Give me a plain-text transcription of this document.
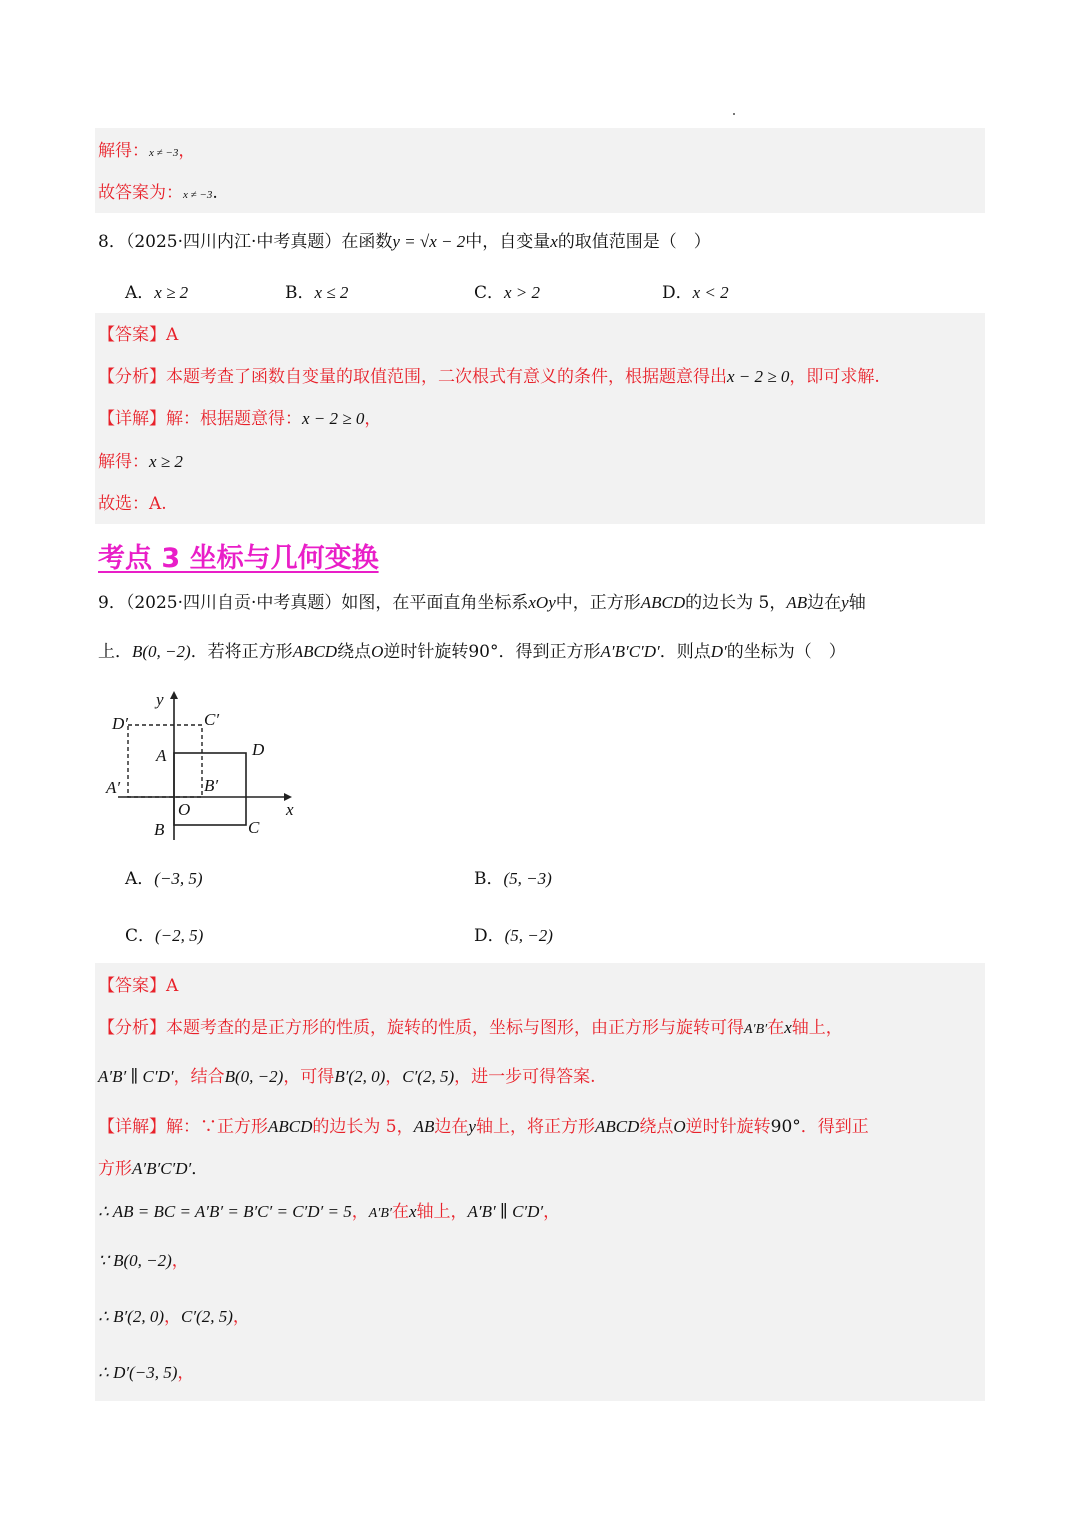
解得：x ≠ −3，
故答案为：x ≠ −3.
8．（2025·四川内江·中考真题）在函数y = √x − 2中，自变量x的取值范围是（　）
A．x ≥ 2	B．x ≤ 2	C．x > 2	D．x < 2
【答案】A
【分析】本题考查了函数自变量的取值范围，二次根式有意义的条件，根据题意得出x − 2 ≥ 0，即可求解.
【详解】解：根据题意得：x − 2 ≥ 0，
解得：x ≥ 2
故选：A.
考点 3 坐标与几何变换
9．（2025·四川自贡·中考真题）如图，在平面直角坐标系xOy中，正方形ABCD的边长为 5，AB边在y轴
上．B(0, −2)．若将正方形ABCD绕点O逆时针旋转90°．得到正方形A′B′C′D′．则点D′的坐标为（　）
y
x
O
A
B	C
D
A′	B′
C′
D′
A．(−3, 5)	B．(5, −3)
C．(−2, 5)	D．(5, −2)
【答案】A
【分析】本题考查的是正方形的性质，旋转的性质，坐标与图形，由正方形与旋转可得A′B′在x轴上，
A′B′ ∥ C′D′，结合B(0, −2)，可得B′(2, 0)，C′(2, 5)，进一步可得答案.
【详解】解：∵正方形ABCD的边长为 5，AB边在y轴上，将正方形ABCD绕点O逆时针旋转90°．得到正
方形A′B′C′D′．
∴ AB = BC = A′B′ = B′C′ = C′D′ = 5，A′B′在x轴上，A′B′ ∥ C′D′，
∵ B(0, −2)，
∴ B′(2, 0)，C′(2, 5)，
∴ D′(−3, 5)，
